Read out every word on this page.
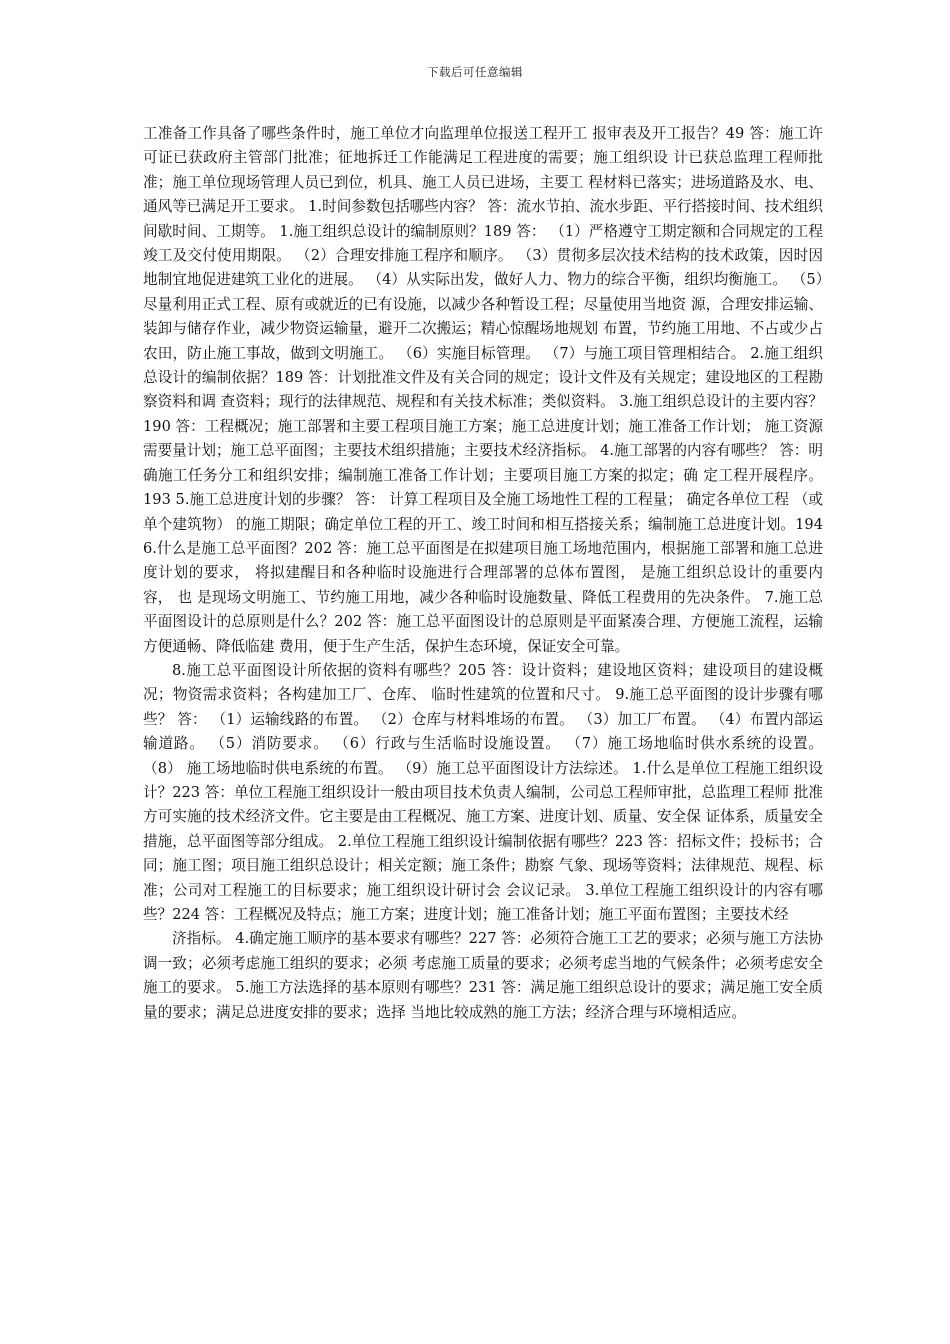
下载后可任意编辑

工准备工作具备了哪些条件时，施工单位才向监理单位报送工程开工 报审表及开工报告？49 答：施工许可证已获政府主管部门批准；征地拆迁工作能满足工程进度的需要；施工组织设 计已获总监理工程师批准；施工单位现场管理人员已到位，机具、施工人员已进场，主要工 程材料已落实；进场道路及水、电、通风等已满足开工要求。 1.时间参数包括哪些内容？ 答：流水节拍、流水步距、平行搭接时间、技术组织间歇时间、工期等。 1.施工组织总设计的编制原则？189 答： （1）严格遵守工期定额和合同规定的工程竣工及交付使用期限。 （2）合理安排施工程序和顺序。 （3）贯彻多层次技术结构的技术政策，因时因地制宜地促进建筑工业化的进展。 （4）从实际出发，做好人力、物力的综合平衡，组织均衡施工。 （5）尽量利用正式工程、原有或就近的已有设施，以减少各种暂设工程；尽量使用当地资 源，合理安排运输、装卸与储存作业，减少物资运输量，避开二次搬运；精心惊醒场地规划 布置，节约施工用地、不占或少占农田，防止施工事故，做到文明施工。 （6）实施目标管理。 （7）与施工项目管理相结合。 2.施工组织总设计的编制依据？189 答：计划批准文件及有关合同的规定；设计文件及有关规定；建设地区的工程勘察资料和调 查资料；现行的法律规范、规程和有关技术标准；类似资料。 3.施工组织总设计的主要内容？190 答：工程概况；施工部署和主要工程项目施工方案；施工总进度计划；施工准备工作计划； 施工资源需要量计划；施工总平面图；主要技术组织措施；主要技术经济指标。 4.施工部署的内容有哪些？ 答：明确施工任务分工和组织安排；编制施工准备工作计划；主要项目施工方案的拟定；确 定工程开展程序。193 5.施工总进度计划的步骤？ 答： 计算工程项目及全施工场地性工程的工程量； 确定各单位工程 （或单个建筑物） 的施工期限；确定单位工程的开工、竣工时间和相互搭接关系；编制施工总进度计划。194 6.什么是施工总平面图？202 答：施工总平面图是在拟建项目施工场地范围内，根据施工部署和施工总进度计划的要求， 将拟建醒目和各种临时设施进行合理部署的总体布置图， 是施工组织总设计的重要内容， 也 是现场文明施工、节约施工用地，减少各种临时设施数量、降低工程费用的先决条件。 7.施工总平面图设计的总原则是什么？202 答：施工总平面图设计的总原则是平面紧凑合理、方便施工流程，运输方便通畅、降低临建 费用，便于生产生活，保护生态环境，保证安全可靠。

8.施工总平面图设计所依据的资料有哪些？205 答：设计资料；建设地区资料；建设项目的建设概况；物资需求资料；各构建加工厂、仓库、 临时性建筑的位置和尺寸。 9.施工总平面图的设计步骤有哪些？ 答： （1）运输线路的布置。 （2）仓库与材料堆场的布置。 （3）加工厂布置。 （4）布置内部运 输道路。 （5）消防要求。 （6）行政与生活临时设施设置。 （7）施工场地临时供水系统的设置。 （8） 施工场地临时供电系统的布置。 （9）施工总平面图设计方法综述。 1.什么是单位工程施工组织设计？223 答：单位工程施工组织设计一般由项目技术负责人编制，公司总工程师审批，总监理工程师 批准方可实施的技术经济文件。它主要是由工程概况、施工方案、进度计划、质量、安全保 证体系，质量安全措施，总平面图等部分组成。 2.单位工程施工组织设计编制依据有哪些？223 答：招标文件；投标书；合同；施工图；项目施工组织总设计；相关定额；施工条件；勘察 气象、现场等资料；法律规范、规程、标准；公司对工程施工的目标要求；施工组织设计研讨会 会议记录。 3.单位工程施工组织设计的内容有哪些？224 答：工程概况及特点；施工方案；进度计划；施工准备计划；施工平面布置图；主要技术经

济指标。 4.确定施工顺序的基本要求有哪些？227 答：必须符合施工工艺的要求；必须与施工方法协调一致；必须考虑施工组织的要求；必须 考虑施工质量的要求；必须考虑当地的气候条件；必须考虑安全施工的要求。 5.施工方法选择的基本原则有哪些？231 答：满足施工组织总设计的要求；满足施工安全质量的要求；满足总进度安排的要求；选择 当地比较成熟的施工方法；经济合理与环境相适应。
